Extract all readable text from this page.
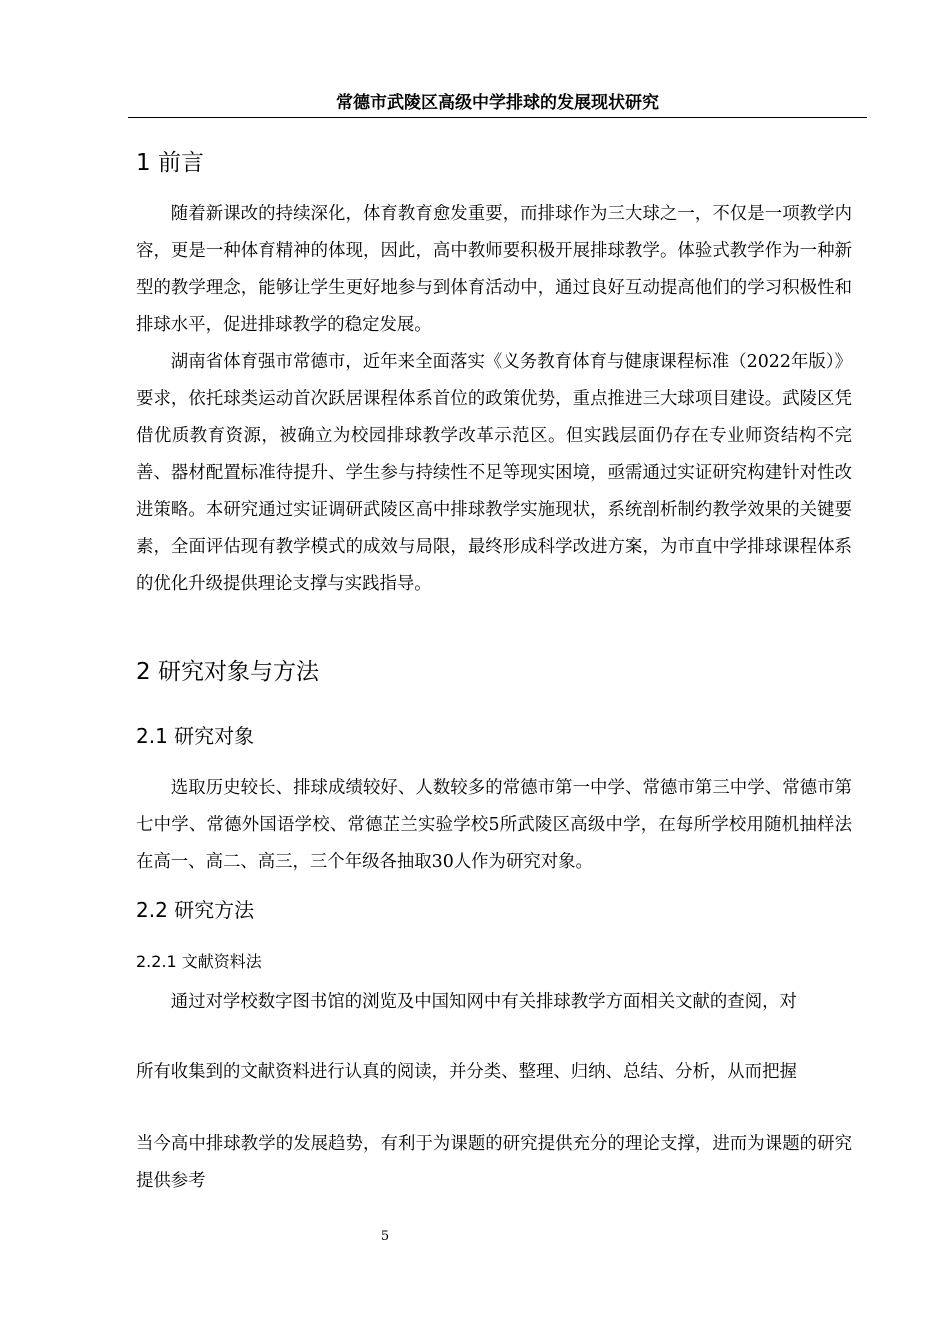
常德市武陵区高级中学排球的发展现状研究
1 前言

随着新课改的持续深化，体育教育愈发重要，而排球作为三大球之一，不仅是一项教学内容，更是一种体育精神的体现，因此，高中教师要积极开展排球教学。体验式教学作为一种新型的教学理念，能够让学生更好地参与到体育活动中，通过良好互动提高他们的学习积极性和排球水平，促进排球教学的稳定发展。

湖南省体育强市常德市，近年来全面落实《义务教育体育与健康课程标准（2022年版）》要求，依托球类运动首次跃居课程体系首位的政策优势，重点推进三大球项目建设。武陵区凭借优质教育资源，被确立为校园排球教学改革示范区。但实践层面仍存在专业师资结构不完善、器材配置标准待提升、学生参与持续性不足等现实困境，亟需通过实证研究构建针对性改进策略。本研究通过实证调研武陵区高中排球教学实施现状，系统剖析制约教学效果的关键要素，全面评估现有教学模式的成效与局限，最终形成科学改进方案，为市直中学排球课程体系的优化升级提供理论支撑与实践指导。

2 研究对象与方法
2.1 研究对象

选取历史较长、排球成绩较好、人数较多的常德市第一中学、常德市第三中学、常德市第七中学、常德外国语学校、常德芷兰实验学校5所武陵区高级中学，在每所学校用随机抽样法在高一、高二、高三，三个年级各抽取30人作为研究对象。

2.2 研究方法
2.2.1 文献资料法

通过对学校数字图书馆的浏览及中国知网中有关排球教学方面相关文献的查阅，对

所有收集到的文献资料进行认真的阅读，并分类、整理、归纳、总结、分析，从而把握

当今高中排球教学的发展趋势，有利于为课题的研究提供充分的理论支撑，进而为课题的研究提供参考

5
